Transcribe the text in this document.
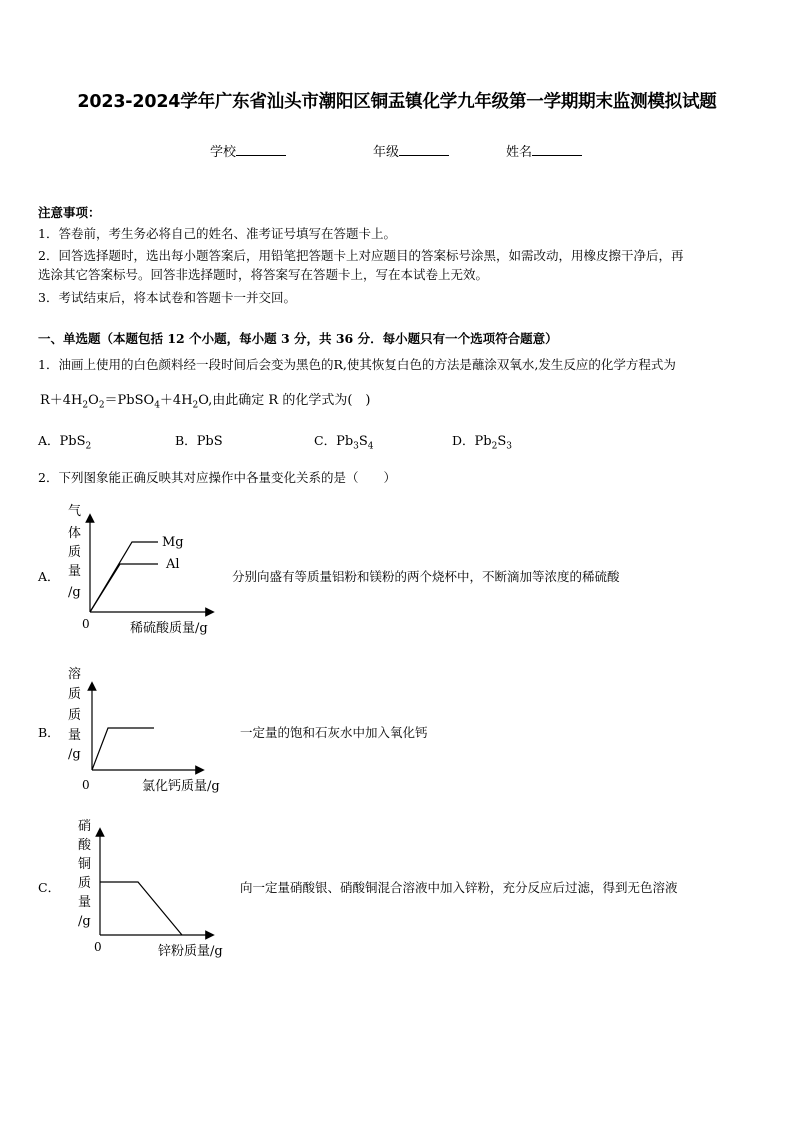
2023-2024学年广东省汕头市潮阳区铜盂镇化学九年级第一学期期末监测模拟试题
学校	年级	姓名
注意事项：
1．答卷前，考生务必将自己的姓名、准考证号填写在答题卡上。
2．回答选择题时，选出每小题答案后，用铅笔把答题卡上对应题目的答案标号涂黑，如需改动，用橡皮擦干净后，再
选涂其它答案标号。回答非选择题时，将答案写在答题卡上，写在本试卷上无效。
3．考试结束后，将本试卷和答题卡一并交回。
一、单选题（本题包括 12 个小题，每小题 3 分，共 36 分．每小题只有一个选项符合题意）
1．油画上使用的白色颜料经一段时间后会变为黑色的R,使其恢复白色的方法是蘸涂双氧水,发生反应的化学方程式为
$R+4H_2O_2=PbSO_4+4H_2O$,由此确定 R 的化学式为(　)
A．PbS$_2$	B．PbS	C．$Pb_3S_4$	D．$Pb_2S_3$
2．下列图象能正确反映其对应操作中各量变化关系的是（　　）
A．
气
体
质
量
/g
Mg
Al
0	稀硫酸质量/g
分别向盛有等质量铝粉和镁粉的两个烧杯中，不断滴加等浓度的稀硫酸
B．
溶
质
质
量
/g
0	氯化钙质量/g
一定量的饱和石灰水中加入氧化钙
C．
硝
酸
铜
质
量
/g
0	锌粉质量/g
向一定量硝酸银、硝酸铜混合溶液中加入锌粉，充分反应后过滤，得到无色溶液
